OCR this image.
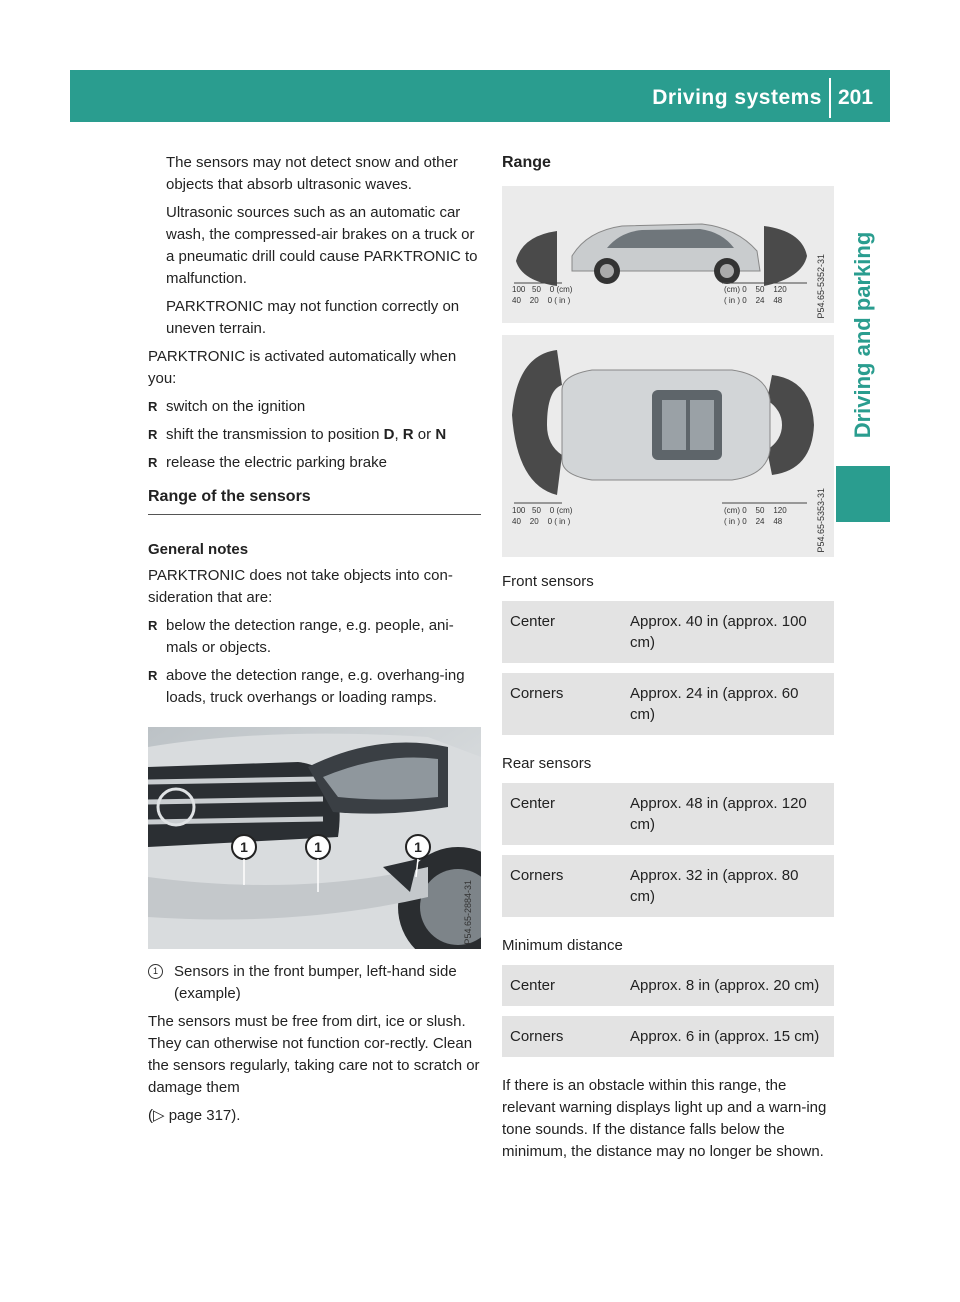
Driving systems 201
Driving and parking

The sensors may not detect snow and other objects that absorb ultrasonic waves.

Ultrasonic sources such as an automatic car wash, the compressed-air brakes on a truck or a pneumatic drill could cause PARKTRONIC to malfunction.

PARKTRONIC may not function correctly on uneven terrain.

PARKTRONIC is activated automatically when you:

R switch on the ignition
R shift the transmission to position D, R or N
R release the electric parking brake
Range of the sensors
General notes

PARKTRONIC does not take objects into con-sideration that are:

R below the detection range, e.g. people, ani-mals or objects.
R above the detection range, e.g. overhang-ing loads, truck overhangs or loading ramps.
1	1	1
P54.65-2884-31
1	Sensors in the front bumper, left-hand side (example)

The sensors must be free from dirt, ice or slush. They can otherwise not function cor-rectly. Clean the sensors regularly, taking care not to scratch or damage them

(▷ page 317).

Range
100   50    0 (cm)
40    20    0 ( in )
(cm) 0    50    120
( in ) 0    24    48	P54.65-5352-31
100   50    0 (cm)
40    20    0 ( in )
(cm) 0    50    120
( in ) 0    24    48	P54.65-5353-31
Front sensors
Center	Approx. 40 in (approx. 100 cm)
Corners	Approx. 24 in (approx. 60 cm)
Rear sensors
Center	Approx. 48 in (approx. 120 cm)
Corners	Approx. 32 in (approx. 80 cm)
Minimum distance
Center	Approx. 8 in (approx. 20 cm)
Corners	Approx. 6 in (approx. 15 cm)

If there is an obstacle within this range, the relevant warning displays light up and a warn-ing tone sounds. If the distance falls below the minimum, the distance may no longer be shown.
